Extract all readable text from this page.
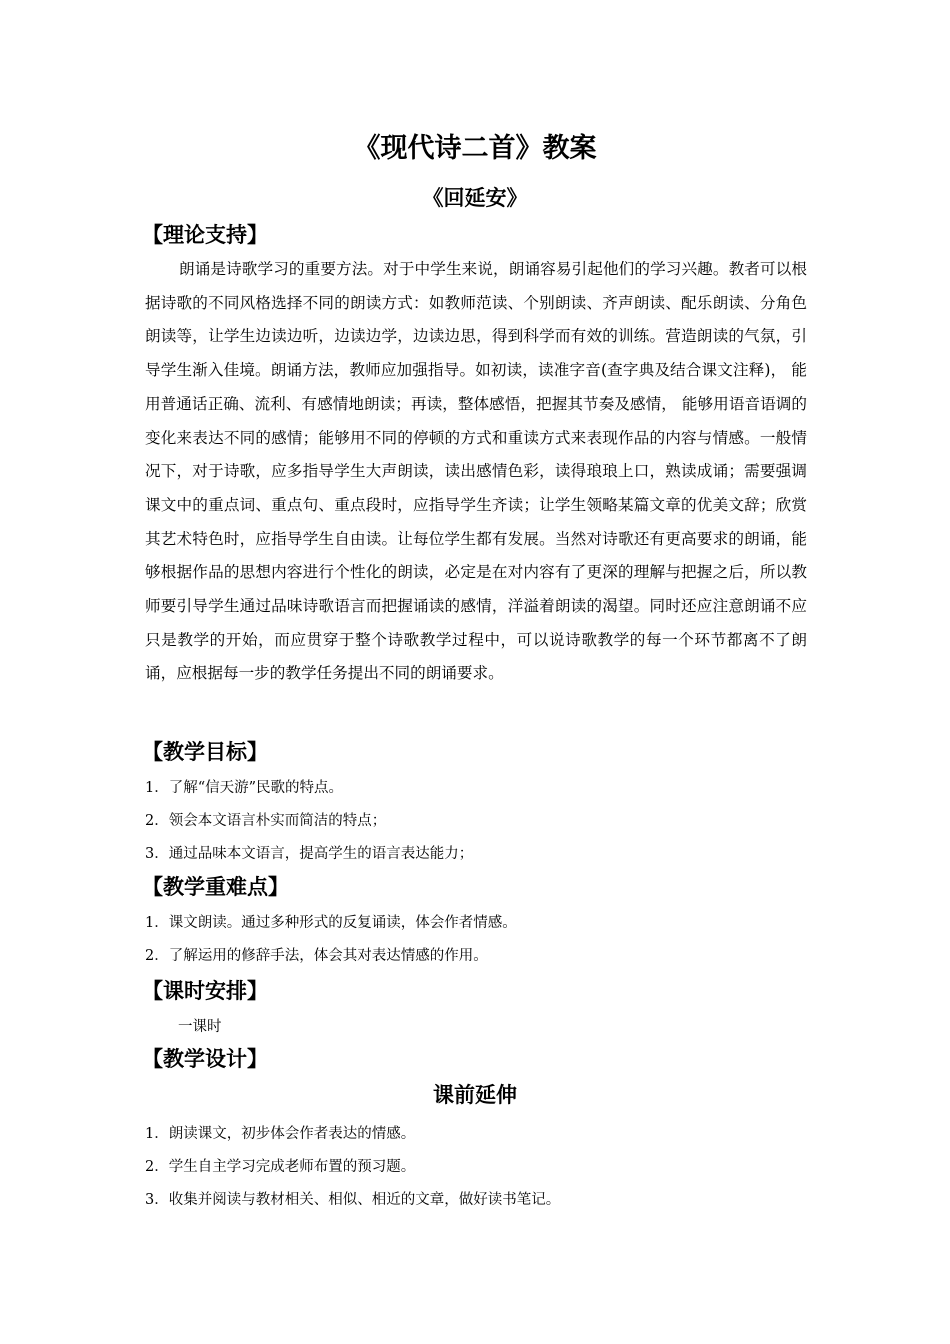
《现代诗二首》教案
《回延安》
【理论支持】

朗诵是诗歌学习的重要方法。对于中学生来说，朗诵容易引起他们的学习兴趣。教者可以根据诗歌的不同风格选择不同的朗读方式：如教师范读、个别朗读、齐声朗读、配乐朗读、分角色朗读等，让学生边读边听，边读边学，边读边思，得到科学而有效的训练。营造朗读的气氛，引导学生渐入佳境。朗诵方法，教师应加强指导。如初读，读准字音(查字典及结合课文注释)， 能用普通话正确、流利、有感情地朗读；再读，整体感悟，把握其节奏及感情， 能够用语音语调的变化来表达不同的感情；能够用不同的停顿的方式和重读方式来表现作品的内容与情感。一般情况下，对于诗歌，应多指导学生大声朗读，读出感情色彩，读得琅琅上口，熟读成诵；需要强调课文中的重点词、重点句、重点段时，应指导学生齐读；让学生领略某篇文章的优美文辞；欣赏其艺术特色时，应指导学生自由读。让每位学生都有发展。当然对诗歌还有更高要求的朗诵，能够根据作品的思想内容进行个性化的朗读，必定是在对内容有了更深的理解与把握之后，所以教师要引导学生通过品味诗歌语言而把握诵读的感情，洋溢着朗读的渴望。同时还应注意朗诵不应只是教学的开始，而应贯穿于整个诗歌教学过程中，可以说诗歌教学的每一个环节都离不了朗诵，应根据每一步的教学任务提出不同的朗诵要求。

【教学目标】
1．了解“信天游”民歌的特点。
2．领会本文语言朴实而简洁的特点；
3．通过品味本文语言，提高学生的语言表达能力；
【教学重难点】
1．课文朗读。通过多种形式的反复诵读，体会作者情感。
2．了解运用的修辞手法，体会其对表达情感的作用。
【课时安排】
一课时
【教学设计】
课前延伸
1．朗读课文，初步体会作者表达的情感。
2．学生自主学习完成老师布置的预习题。
3．收集并阅读与教材相关、相似、相近的文章，做好读书笔记。
